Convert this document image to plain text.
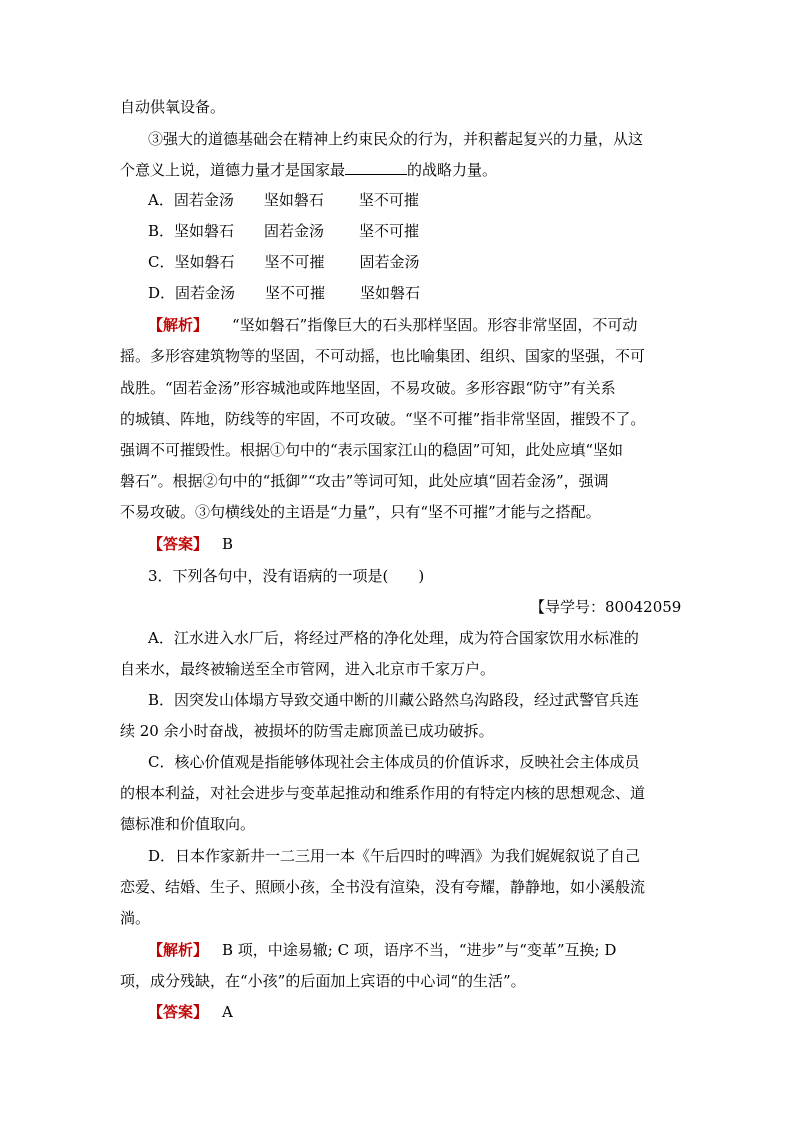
自动供氧设备。
③强大的道德基础会在精神上约束民众的行为，并积蓄起复兴的力量，从这
个意义上说，道德力量才是国家最	的战略力量。
A．固若金汤 坚如磐石 坚不可摧
B．坚如磐石 固若金汤 坚不可摧
C．坚如磐石 坚不可摧 固若金汤
D．固若金汤 坚不可摧 坚如磐石
【解析】 “坚如磐石”指像巨大的石头那样坚固。形容非常坚固，不可动
摇。多形容建筑物等的坚固，不可动摇，也比喻集团、组织、国家的坚强，不可
战胜。“固若金汤”形容城池或阵地坚固，不易攻破。多形容跟“防守”有关系
的城镇、阵地，防线等的牢固，不可攻破。“坚不可摧”指非常坚固，摧毁不了。
强调不可摧毁性。根据①句中的“表示国家江山的稳固”可知，此处应填“坚如
磐石”。根据②句中的“抵御”“攻击”等词可知，此处应填“固若金汤”，强调
不易攻破。③句横线处的主语是“力量”，只有“坚不可摧”才能与之搭配。
【答案】 B
3．下列各句中，没有语病的一项是(　　)
【导学号：80042059
A．江水进入水厂后，将经过严格的净化处理，成为符合国家饮用水标准的
自来水，最终被输送至全市管网，进入北京市千家万户。
B．因突发山体塌方导致交通中断的川藏公路然乌沟路段，经过武警官兵连
续 20 余小时奋战，被损坏的防雪走廊顶盖已成功破拆。
C．核心价值观是指能够体现社会主体成员的价值诉求，反映社会主体成员
的根本利益，对社会进步与变革起推动和维系作用的有特定内核的思想观念、道
德标准和价值取向。
D．日本作家新井一二三用一本《午后四时的啤酒》为我们娓娓叙说了自己
恋爱、结婚、生子、照顾小孩，全书没有渲染，没有夸耀，静静地，如小溪般流
淌。
【解析】 B 项，中途易辙; C 项，语序不当，“进步”与“变革”互换; D
项，成分残缺，在“小孩”的后面加上宾语的中心词“的生活”。
【答案】 A
